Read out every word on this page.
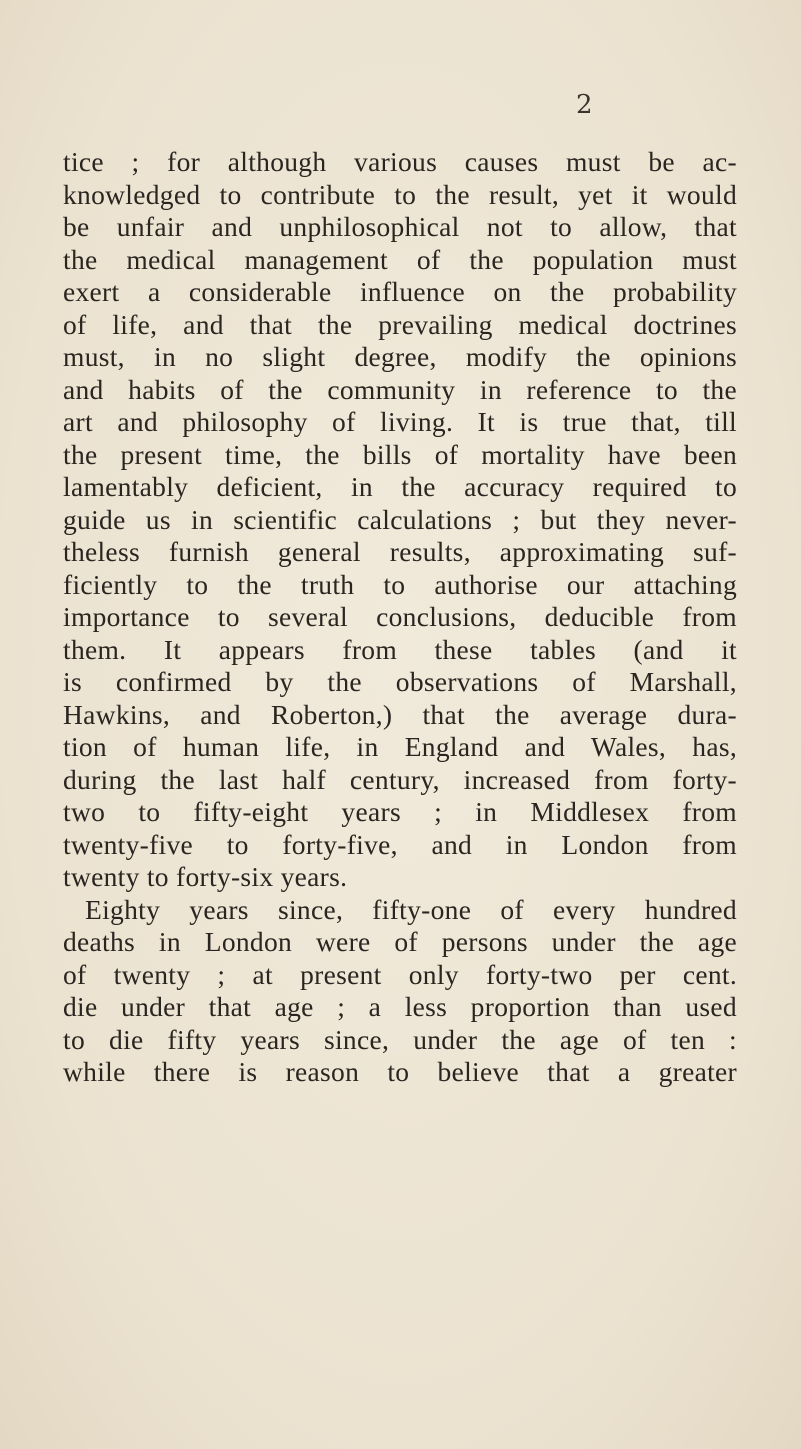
2
tice ; for although various causes must be ac-
knowledged to contribute to the result, yet it would
be unfair and unphilosophical not to allow, that
the medical management of the population must
exert a considerable influence on the probability
of life, and that the prevailing medical doctrines
must, in no slight degree, modify the opinions
and habits of the community in reference to the
art and philosophy of living. It is true that, till
the present time, the bills of mortality have been
lamentably deficient, in the accuracy required to
guide us in scientific calculations ; but they never-
theless furnish general results, approximating suf-
ficiently to the truth to authorise our attaching
importance to several conclusions, deducible from
them. It appears from these tables (and it
is confirmed by the observations of Marshall,
Hawkins, and Roberton,) that the average dura-
tion of human life, in England and Wales, has,
during the last half century, increased from forty-
two to fifty-eight years ; in Middlesex from
twenty-five to forty-five, and in London from
twenty to forty-six years.
Eighty years since, fifty-one of every hundred
deaths in London were of persons under the age
of twenty ; at present only forty-two per cent.
die under that age ; a less proportion than used
to die fifty years since, under the age of ten :
while there is reason to believe that a greater
